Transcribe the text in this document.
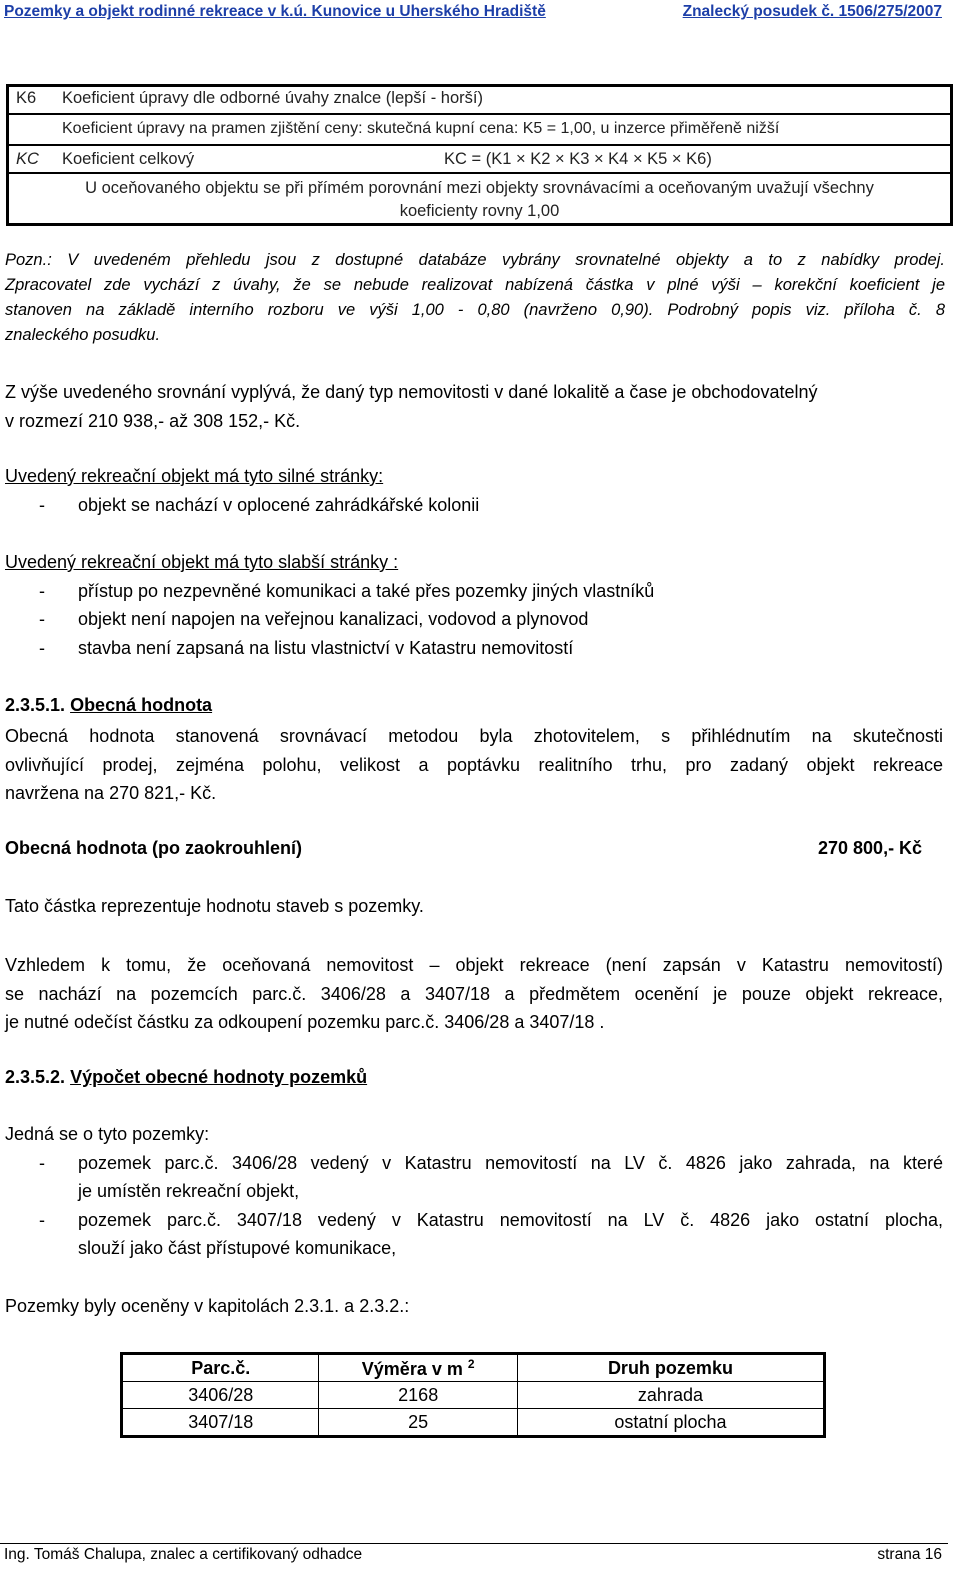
Pozemky a objekt rodinné rekreace v k.ú. Kunovice u Uherského Hradiště	Znalecký posudek č. 1506/275/2007
K6 Koeficient úpravy dle odborné úvahy znalce (lepší - horší)
Koeficient úpravy na pramen zjištění ceny: skutečná kupní cena: K5 = 1,00, u inzerce přiměřeně nižší
KC Koeficient celkový	KC = (K1 × K2 × K3 × K4 × K5 × K6)
U oceňovaného objektu se při přímém porovnání mezi objekty srovnávacími a oceňovaným uvažují všechny
koeficienty rovny 1,00
Pozn.: V uvedeném přehledu jsou z dostupné databáze vybrány srovnatelné objekty a to z nabídky prodej.
Zpracovatel zde vychází z úvahy, že se nebude realizovat nabízená částka v plné výši – korekční koeficient je
stanoven na základě interního rozboru ve výši 1,00 - 0,80 (navrženo 0,90). Podrobný popis viz. příloha č. 8
znaleckého posudku.
Z výše uvedeného srovnání vyplývá, že daný typ nemovitosti v dané lokalitě a čase je obchodovatelný
v rozmezí 210 938,- až 308 152,- Kč.
Uvedený rekreační objekt má tyto silné stránky:
- objekt se nachází v oplocené zahrádkářské kolonii
Uvedený rekreační objekt má tyto slabší stránky :
- přístup po nezpevněné komunikaci a také přes pozemky jiných vlastníků
- objekt není napojen na veřejnou kanalizaci, vodovod a plynovod
- stavba není zapsaná na listu vlastnictví v Katastru nemovitostí
2.3.5.1. Obecná hodnota
Obecná hodnota stanovená srovnávací metodou byla zhotovitelem, s přihlédnutím na skutečnosti
ovlivňující prodej, zejména polohu, velikost a poptávku realitního trhu, pro zadaný objekt rekreace
navržena na 270 821,- Kč.
Obecná hodnota (po zaokrouhlení)	270 800,- Kč
Tato částka reprezentuje hodnotu staveb s pozemky.
Vzhledem k tomu, že oceňovaná nemovitost – objekt rekreace (není zapsán v Katastru nemovitostí)
se nachází na pozemcích parc.č. 3406/28 a 3407/18 a předmětem ocenění je pouze objekt rekreace,
je nutné odečíst částku za odkoupení pozemku parc.č. 3406/28 a 3407/18 .
2.3.5.2. Výpočet obecné hodnoty pozemků
Jedná se o tyto pozemky:
- pozemek parc.č. 3406/28 vedený v Katastru nemovitostí na LV č. 4826 jako zahrada, na které
je umístěn rekreační objekt,
- pozemek parc.č. 3407/18 vedený v Katastru nemovitostí na LV č. 4826 jako ostatní plocha,
slouží jako část přístupové komunikace,
Pozemky byly oceněny v kapitolách 2.3.1. a 2.3.2.:
Parc.č.	Výměra v m $^2$	Druh pozemku
3406/28	2168	zahrada
3407/18	25	ostatní plocha
Ing. Tomáš Chalupa, znalec a certifikovaný odhadce	strana 16
